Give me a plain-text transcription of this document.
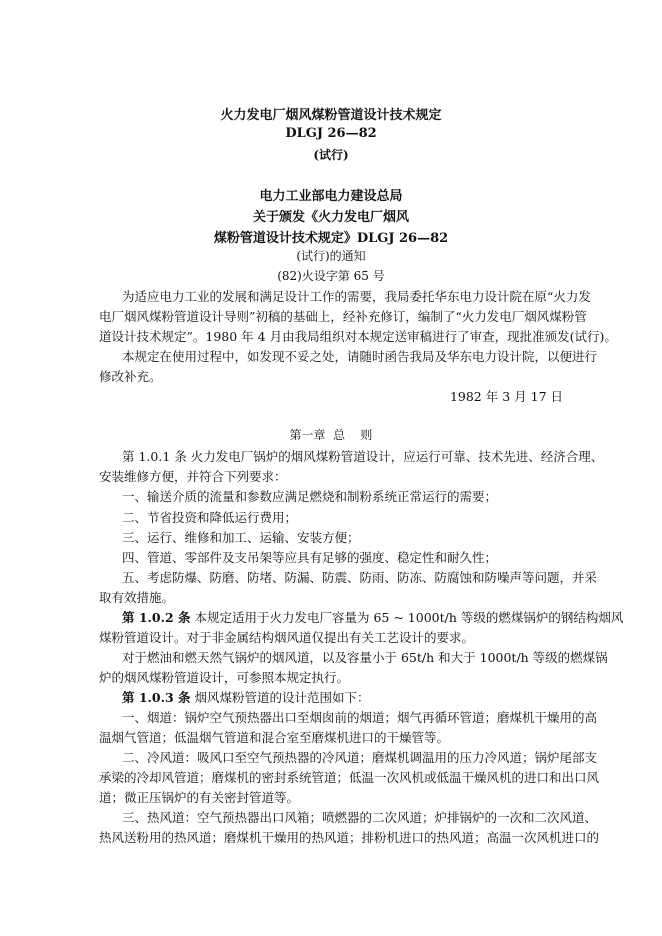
火力发电厂烟风煤粉管道设计技术规定
DLGJ 26—82
(试行)
电力工业部电力建设总局
关于颁发《火力发电厂烟风
煤粉管道设计技术规定》DLGJ 26—82
(试行)的通知
(82)火设字第 65 号
为适应电力工业的发展和满足设计工作的需要，我局委托华东电力设计院在原“火力发
电厂烟风煤粉管道设计导则”初稿的基础上，经补充修订，编制了“火力发电厂烟风煤粉管
道设计技术规定”。1980 年 4 月由我局组织对本规定送审稿进行了审查，现批准颁发(试行)。
本规定在使用过程中，如发现不妥之处，请随时函告我局及华东电力设计院，以便进行
修改补充。
1982 年 3 月 17 日
第一章  总    则
第 1.0.1 条 火力发电厂锅炉的烟风煤粉管道设计，应运行可靠、技术先进、经济合理、
安装维修方便，并符合下列要求：
一、输送介质的流量和参数应满足燃烧和制粉系统正常运行的需要；
二、节省投资和降低运行费用；
三、运行、维修和加工、运输、安装方便；
四、管道、零部件及支吊架等应具有足够的强度、稳定性和耐久性；
五、考虑防爆、防磨、防堵、防漏、防震、防雨、防冻、防腐蚀和防噪声等问题，并采
取有效措施。
第 1.0.2 条 本规定适用于火力发电厂容量为 65 ~ 1000t/h 等级的燃煤锅炉的钢结构烟风
煤粉管道设计。对于非金属结构烟风道仅提出有关工艺设计的要求。
对于燃油和燃天然气锅炉的烟风道，以及容量小于 65t/h 和大于 1000t/h 等级的燃煤锅
炉的烟风煤粉管道设计，可参照本规定执行。
第 1.0.3 条 烟风煤粉管道的设计范围如下：
一、烟道：锅炉空气预热器出口至烟囱前的烟道；烟气再循环管道；磨煤机干燥用的高
温烟气管道；低温烟气管道和混合室至磨煤机进口的干燥管等。
二、冷风道：吸风口至空气预热器的冷风道；磨煤机调温用的压力冷风道；锅炉尾部支
承梁的冷却风管道；磨煤机的密封系统管道；低温一次风机或低温干燥风机的进口和出口风
道；微正压锅炉的有关密封管道等。
三、热风道：空气预热器出口风箱；喷燃器的二次风道；炉排锅炉的一次和二次风道、
热风送粉用的热风道；磨煤机干燥用的热风道；排粉机进口的热风道；高温一次风机进口的
